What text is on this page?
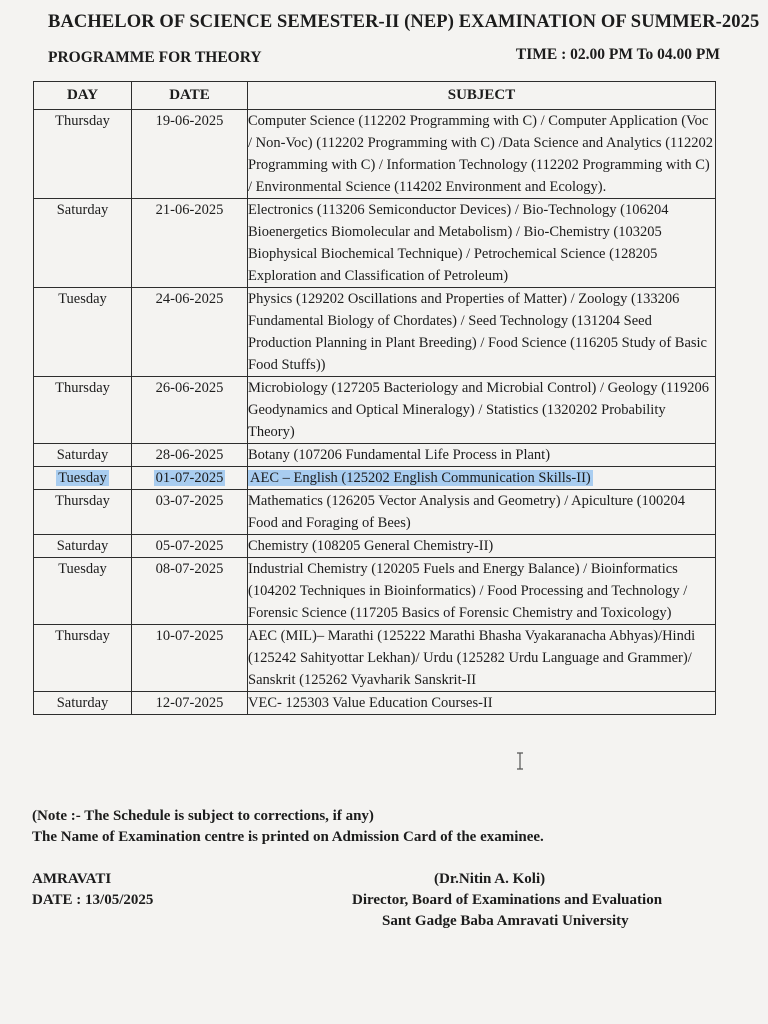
BACHELOR OF SCIENCE SEMESTER-II (NEP) EXAMINATION OF SUMMER-2025
PROGRAMME FOR THEORY	TIME : 02.00 PM To 04.00 PM
DAY	DATE	SUBJECT
Thursday	19-06-2025	Computer Science (112202 Programming with C) / Computer Application (Voc / Non-Voc) (112202 Programming with C) /Data Science and Analytics (112202 Programming with C) / Information Technology (112202 Programming with C) / Environmental Science (114202 Environment and Ecology).
Saturday	21-06-2025	Electronics (113206 Semiconductor Devices) / Bio-Technology (106204 Bioenergetics Biomolecular and Metabolism) / Bio-Chemistry (103205 Biophysical Biochemical Technique) / Petrochemical Science (128205 Exploration and Classification of Petroleum)
Tuesday	24-06-2025	Physics (129202 Oscillations and Properties of Matter) / Zoology (133206 Fundamental Biology of Chordates) / Seed Technology (131204 Seed Production Planning in Plant Breeding) / Food Science (116205 Study of Basic Food Stuffs))
Thursday	26-06-2025	Microbiology (127205 Bacteriology and Microbial Control) / Geology (119206 Geodynamics and Optical Mineralogy) / Statistics (1320202 Probability Theory)
Saturday	28-06-2025	Botany (107206 Fundamental Life Process in Plant)
Tuesday	01-07-2025	AEC – English (125202 English Communication Skills-II)
Thursday	03-07-2025	Mathematics (126205 Vector Analysis and Geometry) / Apiculture (100204 Food and Foraging of Bees)
Saturday	05-07-2025	Chemistry (108205 General Chemistry-II)
Tuesday	08-07-2025	Industrial Chemistry (120205 Fuels and Energy Balance) / Bioinformatics (104202 Techniques in Bioinformatics) / Food Processing and Technology / Forensic Science (117205 Basics of Forensic Chemistry and Toxicology)
Thursday	10-07-2025	AEC (MIL)– Marathi (125222 Marathi Bhasha Vyakaranacha Abhyas)/Hindi (125242 Sahityottar Lekhan)/ Urdu (125282 Urdu Language and Grammer)/ Sanskrit (125262 Vyavharik Sanskrit-II
Saturday	12-07-2025	VEC- 125303 Value Education Courses-II
(Note :- The Schedule is subject to corrections, if any)
The Name of Examination centre is printed on Admission Card of the examinee.
AMRAVATI
DATE : 13/05/2025
(Dr.Nitin A. Koli)
Director, Board of Examinations and Evaluation
Sant Gadge Baba Amravati University
